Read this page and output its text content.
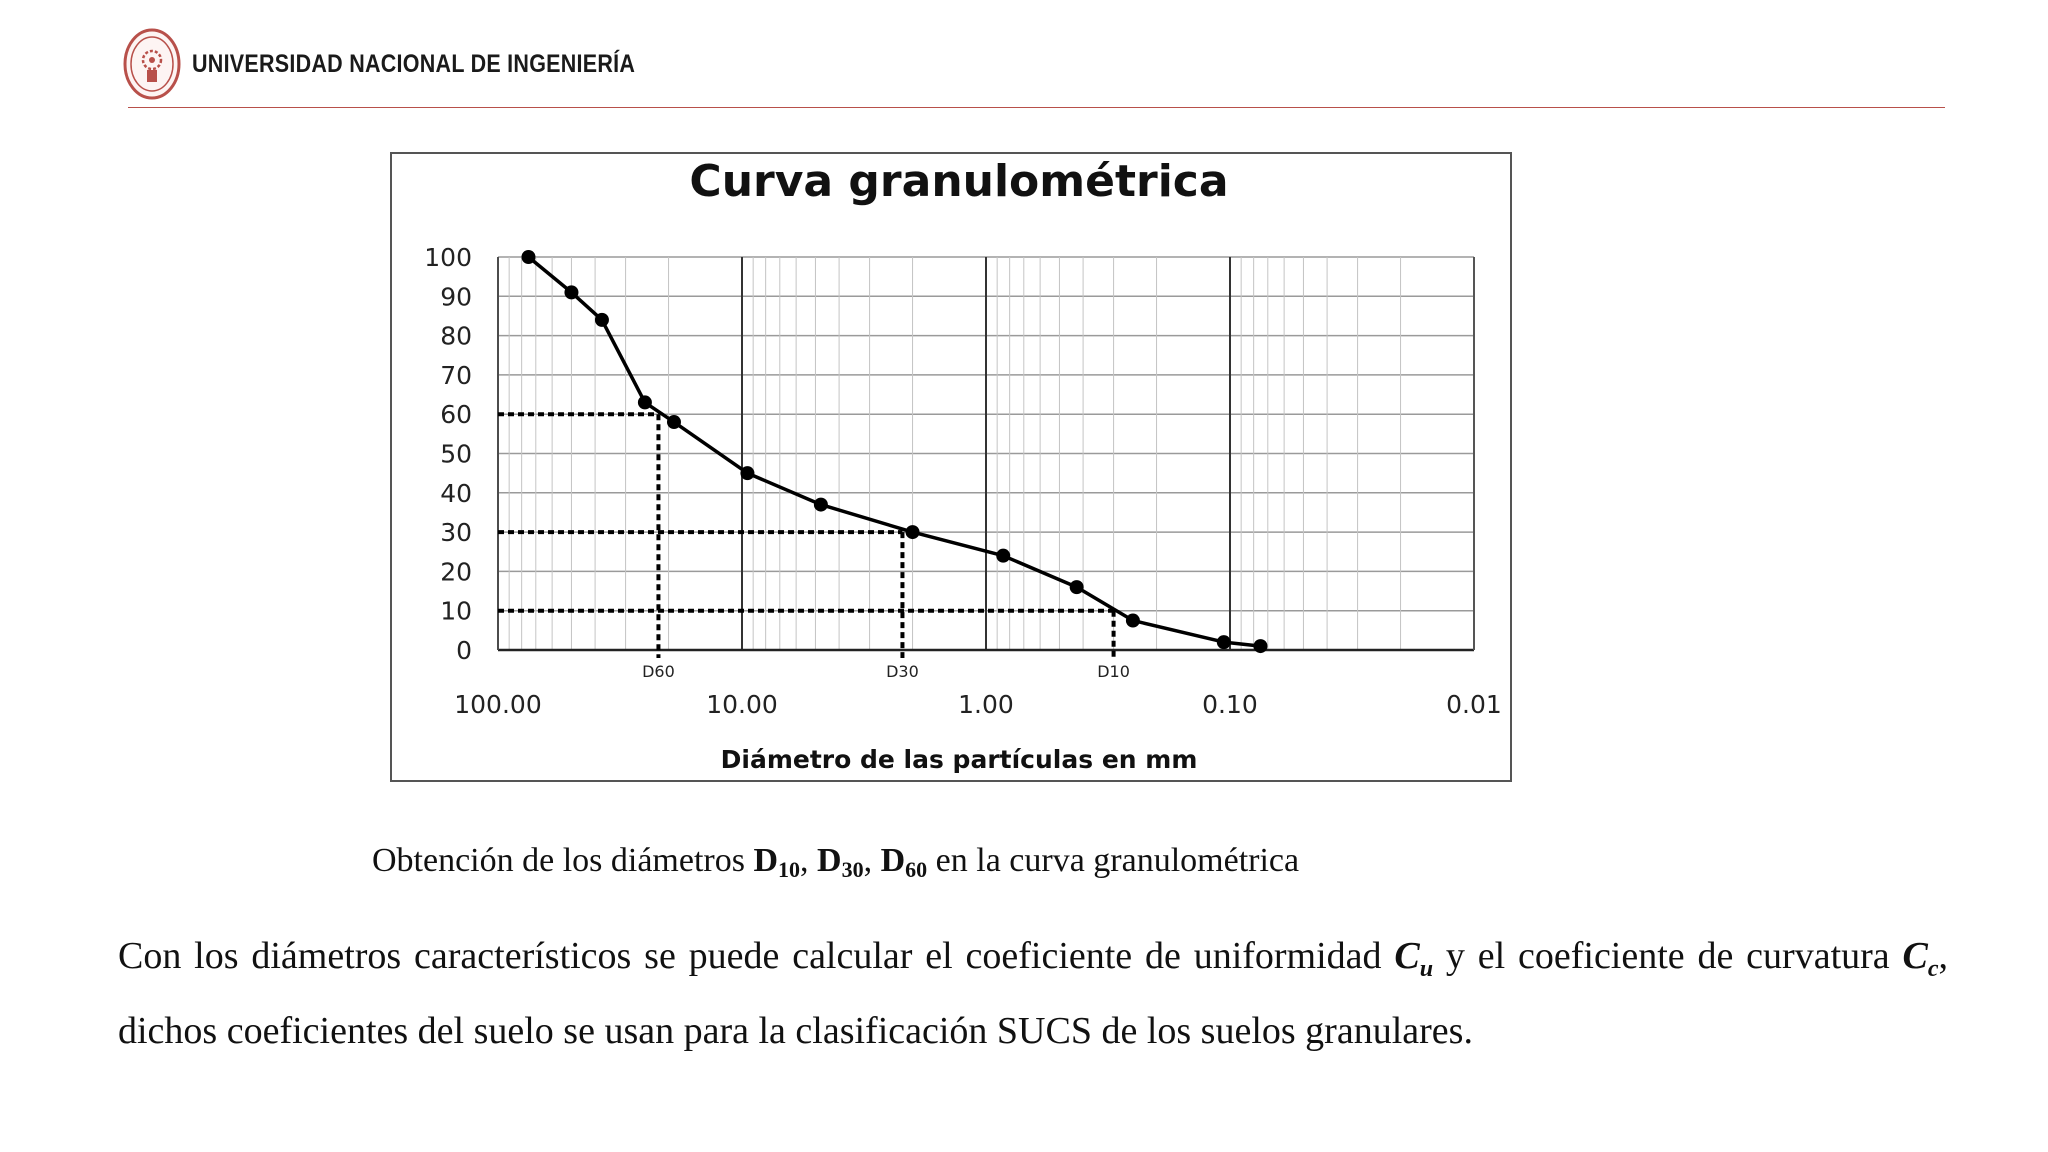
UNIVERSIDAD NACIONAL DE INGENIERÍA
Curva granulométrica
D60	D30	D10
0
10
20
30
40
50
60
70
80
90
100
100.00	10.00	1.00	0.10	0.01
Diámetro de las partículas en mm
Obtención de los diámetros $D_{10}$, $D_{30}$, $D_{60}$ en la curva granulométrica
Con los diámetros característicos se puede calcular el coeficiente de uniformidad $C_u$ y el coeficiente de curvatura $C_c$, dichos coeficientes del suelo se usan para la clasificación SUCS de los suelos granulares.
